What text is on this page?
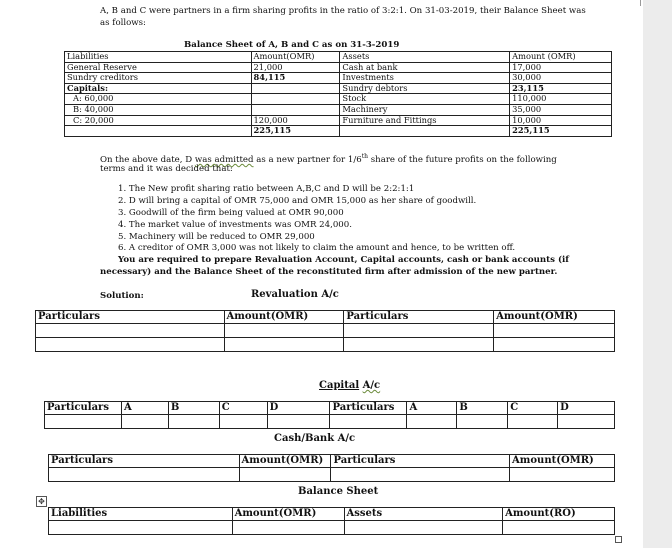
A, B and C were partners in a firm sharing profits in the ratio of 3:2:1. On 31-03-2019, their Balance Sheet was
as follows:
Balance Sheet of A, B and C as on 31-3-2019
Liabilities	Amount(OMR)	Assets	Amount (OMR)
General Reserve	21,000	Cash at bank	17,000
Sundry creditors	84,115	Investments	30,000
Capitals:		Sundry debtors	23,115
A: 60,000		Stock	110,000
B: 40,000		Machinery	35,000
C: 20,000	120,000	Furniture and Fittings	10,000
	225,115		225,115
On the above date, D was admitted as a new partner for 1/6th share of the future profits on the following
terms and it was decided that:
1. The New profit sharing ratio between A,B,C and D will be 2:2:1:1
2. D will bring a capital of OMR 75,000 and OMR 15,000 as her share of goodwill.
3. Goodwill of the firm being valued at OMR 90,000
4. The market value of investments was OMR 24,000.
5. Machinery will be reduced to OMR 29,000
6. A creditor of OMR 3,000 was not likely to claim the amount and hence, to be written off.
You are required to prepare Revaluation Account, Capital accounts, cash or bank accounts (if
necessary) and the Balance Sheet of the reconstituted firm after admission of the new partner.
Solution:	Revaluation A/c
Particulars	Amount(OMR)	Particulars	Amount(OMR)

Capital A/c
Particulars	A	B	C	D	Particulars	A	B	C	D

Cash/Bank A/c
Particulars	Amount(OMR)	Particulars	Amount(OMR)

Balance Sheet
✥
Liabilities	Amount(OMR)	Assets	Amount(RO)
